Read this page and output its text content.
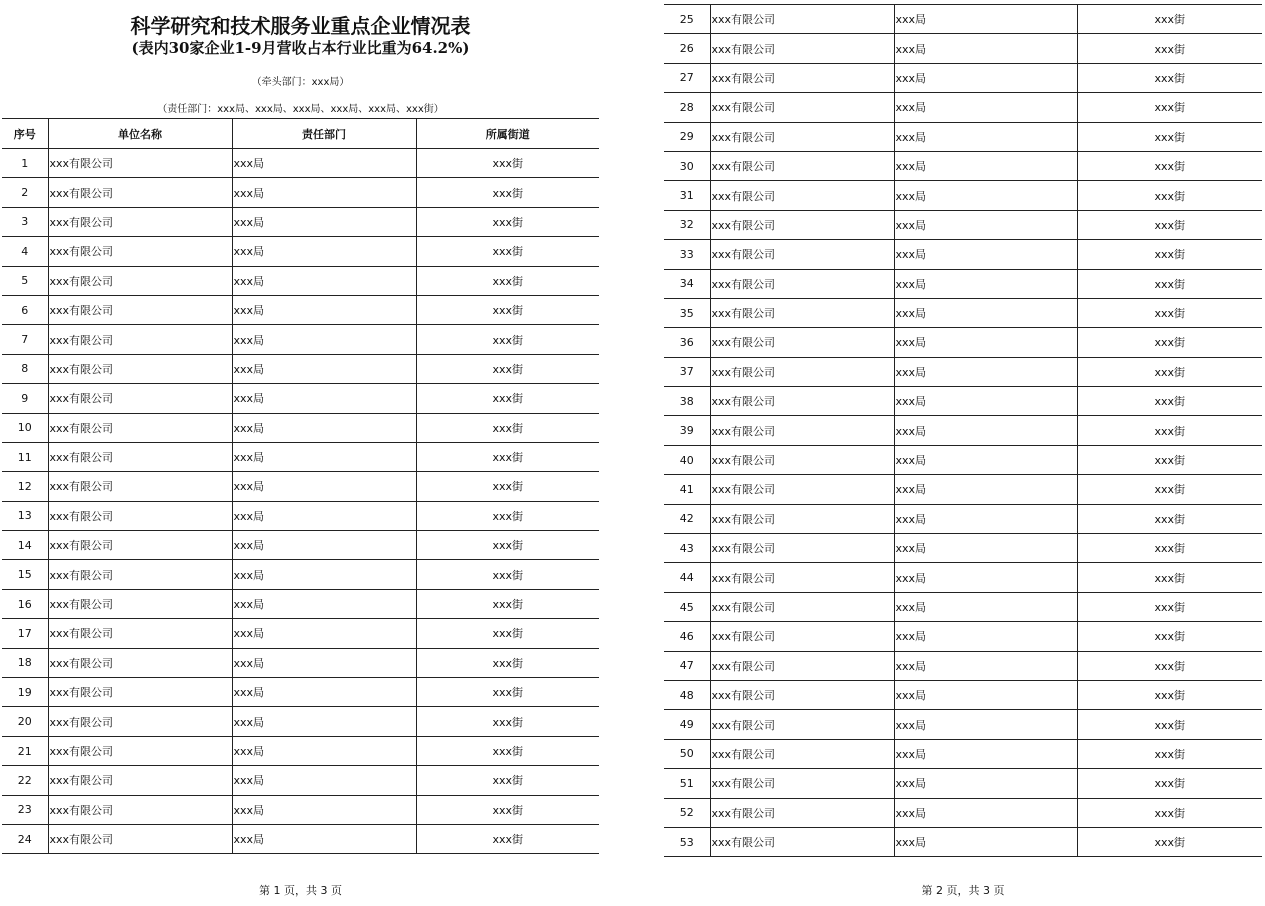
科学研究和技术服务业重点企业情况表
(表内30家企业1-9月营收占本行业比重为64.2%)
（牵头部门：xxx局）
（责任部门：xxx局、xxx局、xxx局、xxx局、xxx局、xxx街）
序号	单位名称	责任部门	所属街道
1	xxx有限公司	xxx局	xxx街
2	xxx有限公司	xxx局	xxx街
3	xxx有限公司	xxx局	xxx街
4	xxx有限公司	xxx局	xxx街
5	xxx有限公司	xxx局	xxx街
6	xxx有限公司	xxx局	xxx街
7	xxx有限公司	xxx局	xxx街
8	xxx有限公司	xxx局	xxx街
9	xxx有限公司	xxx局	xxx街
10	xxx有限公司	xxx局	xxx街
11	xxx有限公司	xxx局	xxx街
12	xxx有限公司	xxx局	xxx街
13	xxx有限公司	xxx局	xxx街
14	xxx有限公司	xxx局	xxx街
15	xxx有限公司	xxx局	xxx街
16	xxx有限公司	xxx局	xxx街
17	xxx有限公司	xxx局	xxx街
18	xxx有限公司	xxx局	xxx街
19	xxx有限公司	xxx局	xxx街
20	xxx有限公司	xxx局	xxx街
21	xxx有限公司	xxx局	xxx街
22	xxx有限公司	xxx局	xxx街
23	xxx有限公司	xxx局	xxx街
24	xxx有限公司	xxx局	xxx街
第 1 页，共 3 页
25	xxx有限公司	xxx局	xxx街
26	xxx有限公司	xxx局	xxx街
27	xxx有限公司	xxx局	xxx街
28	xxx有限公司	xxx局	xxx街
29	xxx有限公司	xxx局	xxx街
30	xxx有限公司	xxx局	xxx街
31	xxx有限公司	xxx局	xxx街
32	xxx有限公司	xxx局	xxx街
33	xxx有限公司	xxx局	xxx街
34	xxx有限公司	xxx局	xxx街
35	xxx有限公司	xxx局	xxx街
36	xxx有限公司	xxx局	xxx街
37	xxx有限公司	xxx局	xxx街
38	xxx有限公司	xxx局	xxx街
39	xxx有限公司	xxx局	xxx街
40	xxx有限公司	xxx局	xxx街
41	xxx有限公司	xxx局	xxx街
42	xxx有限公司	xxx局	xxx街
43	xxx有限公司	xxx局	xxx街
44	xxx有限公司	xxx局	xxx街
45	xxx有限公司	xxx局	xxx街
46	xxx有限公司	xxx局	xxx街
47	xxx有限公司	xxx局	xxx街
48	xxx有限公司	xxx局	xxx街
49	xxx有限公司	xxx局	xxx街
50	xxx有限公司	xxx局	xxx街
51	xxx有限公司	xxx局	xxx街
52	xxx有限公司	xxx局	xxx街
53	xxx有限公司	xxx局	xxx街
第 2 页，共 3 页
